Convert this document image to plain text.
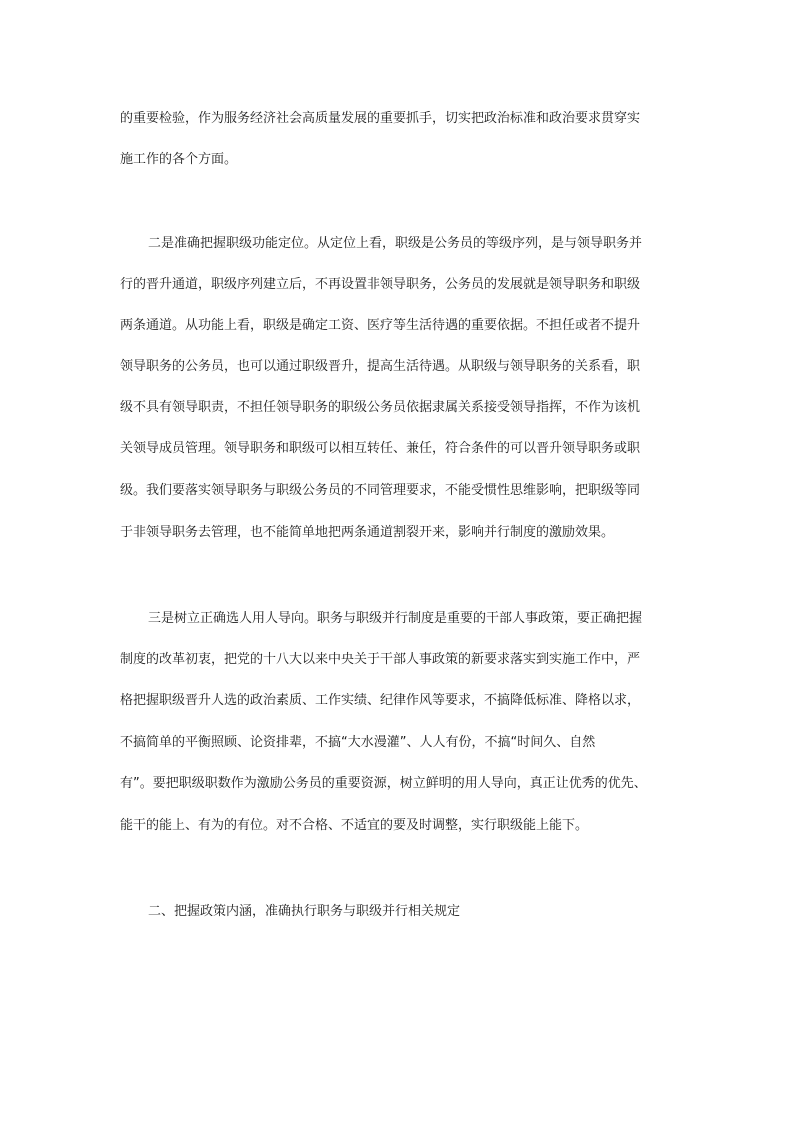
的重要检验，作为服务经济社会高质量发展的重要抓手，切实把政治标准和政治要求贯穿实
施工作的各个方面。
二是准确把握职级功能定位。从定位上看，职级是公务员的等级序列，是与领导职务并
行的晋升通道，职级序列建立后，不再设置非领导职务，公务员的发展就是领导职务和职级
两条通道。从功能上看，职级是确定工资、医疗等生活待遇的重要依据。不担任或者不提升
领导职务的公务员，也可以通过职级晋升，提高生活待遇。从职级与领导职务的关系看，职
级不具有领导职责，不担任领导职务的职级公务员依据隶属关系接受领导指挥，不作为该机
关领导成员管理。领导职务和职级可以相互转任、兼任，符合条件的可以晋升领导职务或职
级。我们要落实领导职务与职级公务员的不同管理要求，不能受惯性思维影响，把职级等同
于非领导职务去管理，也不能简单地把两条通道割裂开来，影响并行制度的激励效果。
三是树立正确选人用人导向。职务与职级并行制度是重要的干部人事政策，要正确把握
制度的改革初衷，把党的十八大以来中央关于干部人事政策的新要求落实到实施工作中，严
格把握职级晋升人选的政治素质、工作实绩、纪律作风等要求，不搞降低标准、降格以求，
不搞简单的平衡照顾、论资排辈，不搞“大水漫灌”、人人有份，不搞“时间久、自然
有”。要把职级职数作为激励公务员的重要资源，树立鲜明的用人导向，真正让优秀的优先、
能干的能上、有为的有位。对不合格、不适宜的要及时调整，实行职级能上能下。
二、把握政策内涵，准确执行职务与职级并行相关规定
